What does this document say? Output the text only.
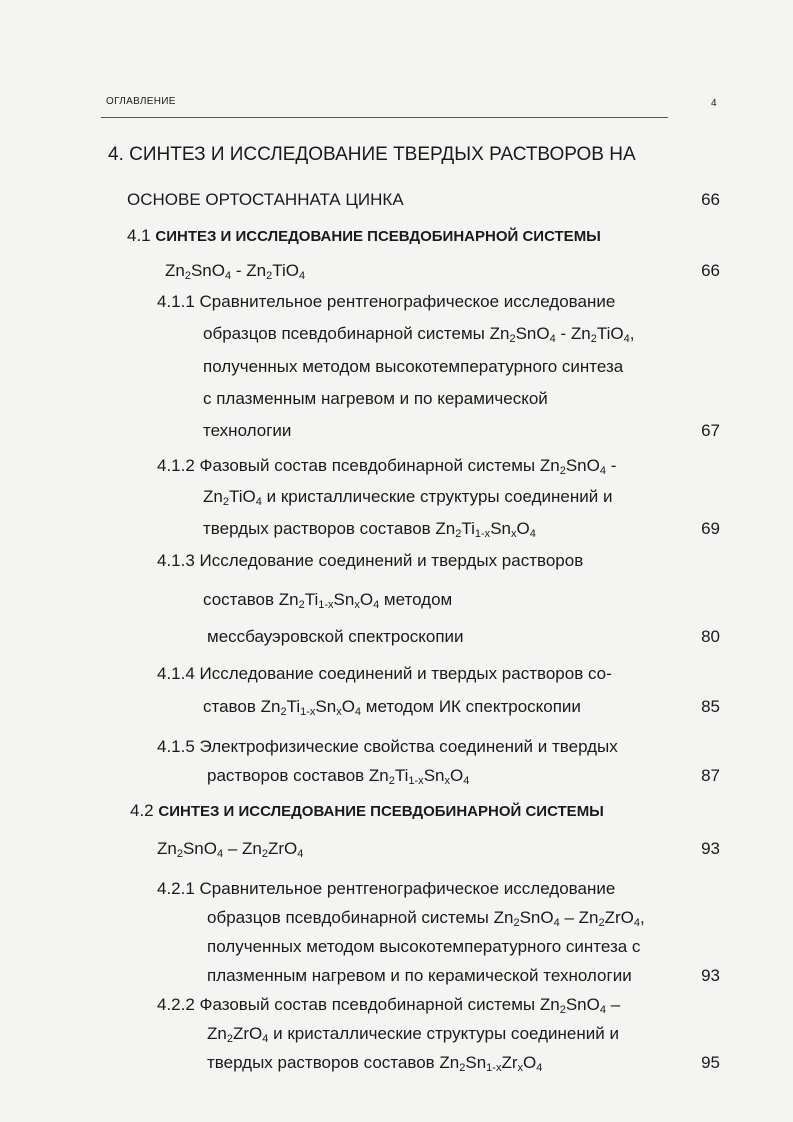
ОГЛАВЛЕНИЕ	4
4. СИНТЕЗ И ИССЛЕДОВАНИЕ ТВЕРДЫХ РАСТВОРОВ НА
ОСНОВЕ ОРТОСТАННАТА ЦИНКА	66
4.1 СИНТЕЗ И ИССЛЕДОВАНИЕ ПСЕВДОБИНАРНОЙ СИСТЕМЫ
$Zn_2SnO_4 - Zn_2TiO_4$	66
4.1.1 Сравнительное рентгенографическое исследование
образцов псевдобинарной системы $Zn_2SnO_4 - Zn_2TiO_4$,
полученных методом высокотемпературного синтеза
с плазменным нагревом и по керамической
технологии	67
4.1.2 Фазовый состав псевдобинарной системы $Zn_2SnO_4$ -
$Zn_2TiO_4$ и кристаллические структуры соединений и
твердых растворов составов $Zn_2Ti_{1-x}Sn_xO_4$	69
4.1.3 Исследование соединений и твердых растворов
составов $Zn_2Ti_{1-x}Sn_xO_4$ методом
мессбауэровской спектроскопии	80
4.1.4 Исследование соединений и твердых растворов со-
ставов $Zn_2Ti_{1-x}Sn_xO_4$ методом ИК спектроскопии	85
4.1.5 Электрофизические свойства соединений и твердых
растворов составов $Zn_2Ti_{1-x}Sn_xO_4$	87
4.2 СИНТЕЗ И ИССЛЕДОВАНИЕ ПСЕВДОБИНАРНОЙ СИСТЕМЫ
$Zn_2SnO_4 - Zn_2ZrO_4$	93
4.2.1 Сравнительное рентгенографическое исследование
образцов псевдобинарной системы $Zn_2SnO_4 - Zn_2ZrO_4$,
полученных методом высокотемпературного синтеза с
плазменным нагревом и по керамической технологии	93
4.2.2 Фазовый состав псевдобинарной системы $Zn_2SnO_4$ –
$Zn_2ZrO_4$ и кристаллические структуры соединений и
твердых растворов составов $Zn_2Sn_{1-x}Zr_xO_4$	95
